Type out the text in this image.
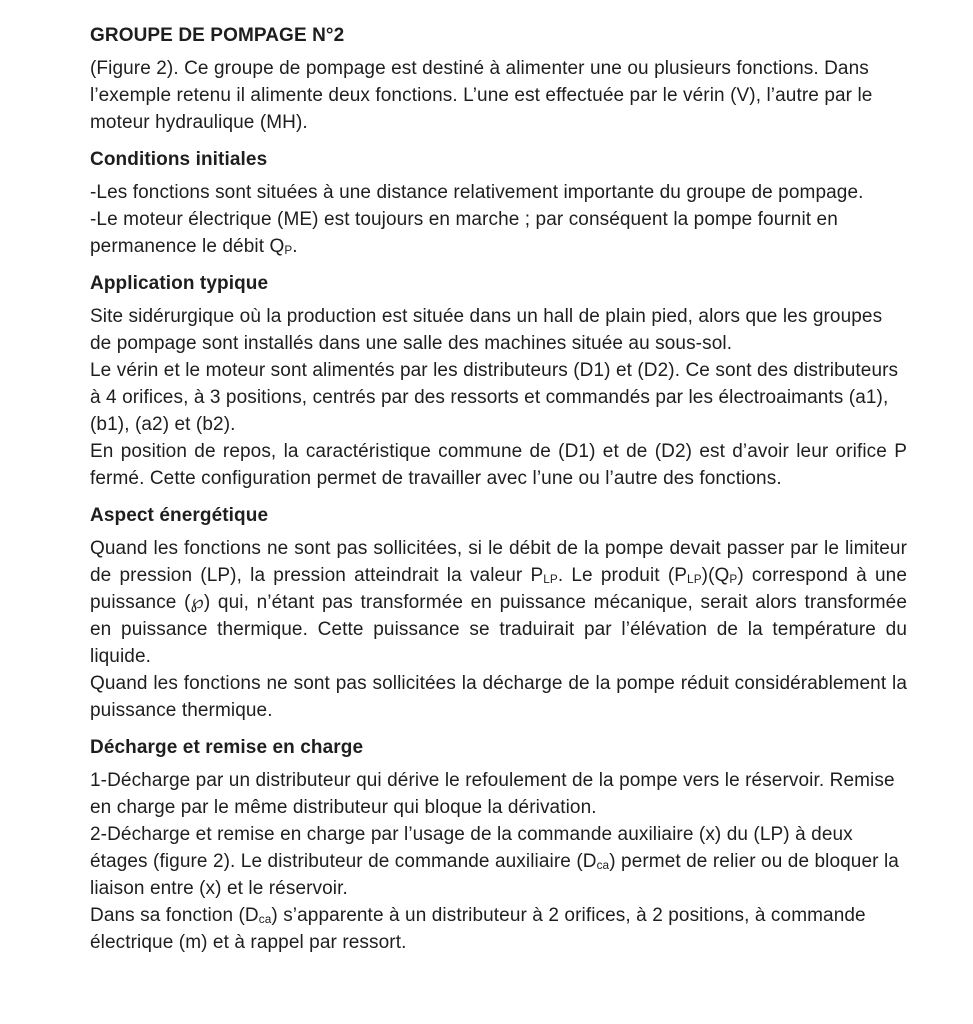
GROUPE DE POMPAGE N°2

(Figure 2). Ce groupe de pompage est destiné à alimenter une ou plusieurs fonctions. Dans l’exemple retenu il alimente deux fonctions. L’une est effectuée par le vérin (V), l’autre par le moteur hydraulique (MH).

Conditions initiales

-Les fonctions sont situées à une distance relativement importante du groupe de pompage.

-Le moteur électrique (ME) est toujours en marche ; par conséquent la pompe fournit en permanence le débit $Q_P$.

Application typique

Site sidérurgique où la production est située dans un hall de plain pied, alors que les groupes de pompage sont installés dans une salle des machines située au sous-sol.

Le vérin et le moteur sont alimentés par les distributeurs (D1) et (D2). Ce sont des distributeurs à 4 orifices, à 3 positions, centrés par des ressorts et commandés par les électroaimants (a1), (b1), (a2) et (b2).

En position de repos, la caractéristique commune de (D1) et de (D2) est d’avoir leur orifice P fermé. Cette configuration permet de travailler avec l’une ou l’autre des fonctions.

Aspect énergétique

Quand les fonctions ne sont pas sollicitées, si le débit de la pompe devait passer par le limiteur de pression (LP), la pression atteindrait la valeur $P_{LP}$. Le produit $(P_{LP})(Q_P)$ correspond à une puissance (℘) qui, n’étant pas transformée en puissance mécanique, serait alors transformée en puissance thermique. Cette puissance se traduirait par l’élévation de la température du liquide.

Quand les fonctions ne sont pas sollicitées la décharge de la pompe réduit considérablement la puissance thermique.

Décharge et remise en charge

1-Décharge par un distributeur qui dérive le refoulement de la pompe vers le réservoir. Remise en charge par le même distributeur qui bloque la dérivation.

2-Décharge et remise en charge par l’usage de la commande auxiliaire (x) du (LP) à deux étages (figure 2). Le distributeur de commande auxiliaire $(D_{ca})$ permet de relier ou de bloquer la liaison entre (x) et le réservoir.

Dans sa fonction $(D_{ca})$ s’apparente à un distributeur à 2 orifices, à 2 positions, à commande électrique (m) et à rappel par ressort.
